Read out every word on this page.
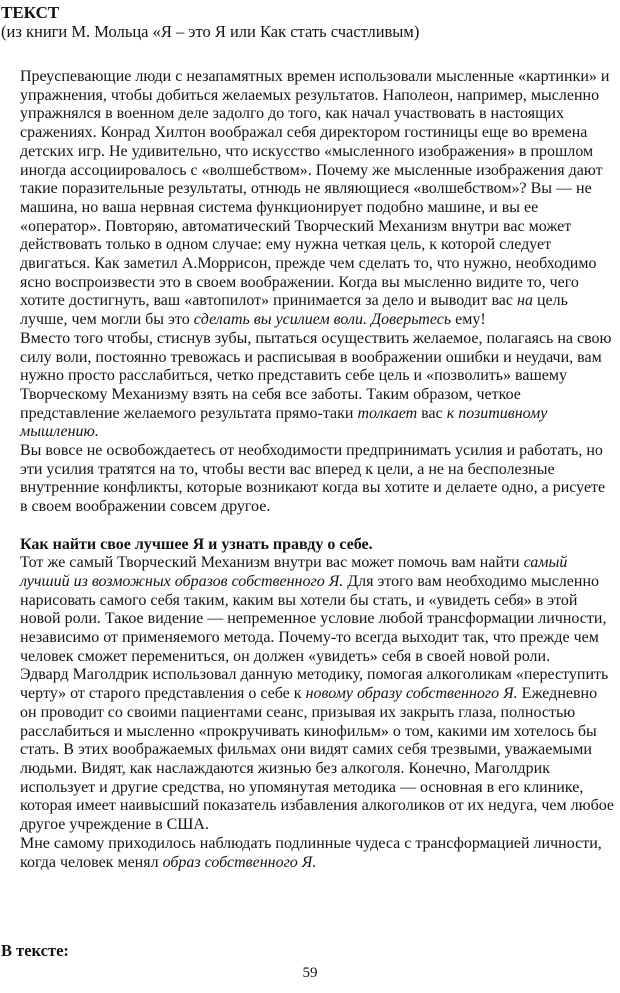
ТЕКСТ
(из книги М. Мольца «Я – это Я или Как стать счастливым)

Преуспевающие люди с незапамятных времен использовали мысленные «картинки» и упражнения, чтобы добиться желаемых результатов. Наполеон, например, мысленно упражнялся в военном деле задолго до того, как начал участвовать в настоящих сражениях. Конрад Хилтон воображал себя директором гостиницы еще во времена детских игр. Не удивительно, что искусство «мысленного изображения» в прошлом иногда ассоциировалось с «волшебством». Почему же мысленные изображения дают такие поразительные результаты, отнюдь не являющиеся «волшебством»? Вы — не машина, но ваша нервная система функционирует подобно машине, и вы ее «оператор». Повторяю, автоматический Творческий Механизм внутри вас может действовать только в одном случае: ему нужна четкая цель, к которой следует двигаться. Как заметил А.Моррисон, прежде чем сделать то, что нужно, необходимо ясно воспроизвести это в своем воображении. Когда вы мысленно видите то, чего хотите достигнуть, ваш «автопилот» принимается за дело и выводит вас на цель лучше, чем могли бы это сделать вы усилием воли. Доверьтесь ему!

Вместо того чтобы, стиснув зубы, пытаться осуществить желаемое, полагаясь на свою силу воли, постоянно тревожась и расписывая в воображении ошибки и неудачи, вам нужно просто расслабиться, четко представить себе цель и «позволить» вашему Творческому Механизму взять на себя все заботы. Таким образом, четкое представление желаемого результата прямо-таки толкает вас к позитивному мышлению.

Вы вовсе не освобождаетесь от необходимости предпринимать усилия и работать, но эти усилия тратятся на то, чтобы вести вас вперед к цели, а не на бесполезные внутренние конфликты, которые возникают когда вы хотите и делаете одно, а рисуете в своем воображении совсем другое.

Как найти свое лучшее Я и узнать правду о себе.

Тот же самый Творческий Механизм внутри вас может помочь вам найти самый лучший из возможных образов собственного Я. Для этого вам необходимо мысленно нарисовать самого себя таким, каким вы хотели бы стать, и «увидеть себя» в этой новой роли. Такое видение — непременное условие любой трансформации личности, независимо от применяемого метода. Почему-то всегда выходит так, что прежде чем человек сможет перемениться, он должен «увидеть» себя в своей новой роли.

Эдвард Маголдрик использовал данную методику, помогая алкоголикам «переступить черту» от старого представления о себе к новому образу собственного Я. Ежедневно он проводит со своими пациентами сеанс, призывая их закрыть глаза, полностью расслабиться и мысленно «прокручивать кинофильм» о том, какими им хотелось бы стать. В этих воображаемых фильмах они видят самих себя трезвыми, уважаемыми людьми. Видят, как наслаждаются жизнью без алкоголя. Конечно, Маголдрик использует и другие средства, но упомянутая методика — основная в его клинике, которая имеет наивысший показатель избавления алкоголиков от их недуга, чем любое другое учреждение в США.

Мне самому приходилось наблюдать подлинные чудеса с трансформацией личности, когда человек менял образ собственного Я.

В тексте:
59
